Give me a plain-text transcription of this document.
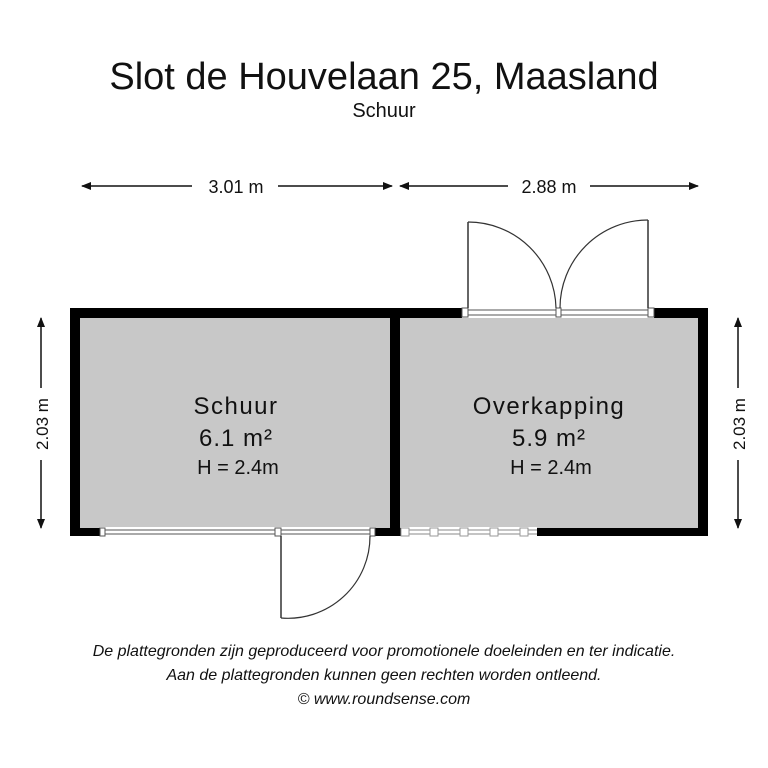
Slot de Houvelaan 25, Maasland
Schuur
3.01 m	2.88 m
2.03 m	2.03 m
Schuur
6.1 m²
H = 2.4m
Overkapping
5.9 m²
H = 2.4m
De plattegronden zijn geproduceerd voor promotionele doeleinden en ter indicatie.
Aan de plattegronden kunnen geen rechten worden ontleend.
© www.roundsense.com
